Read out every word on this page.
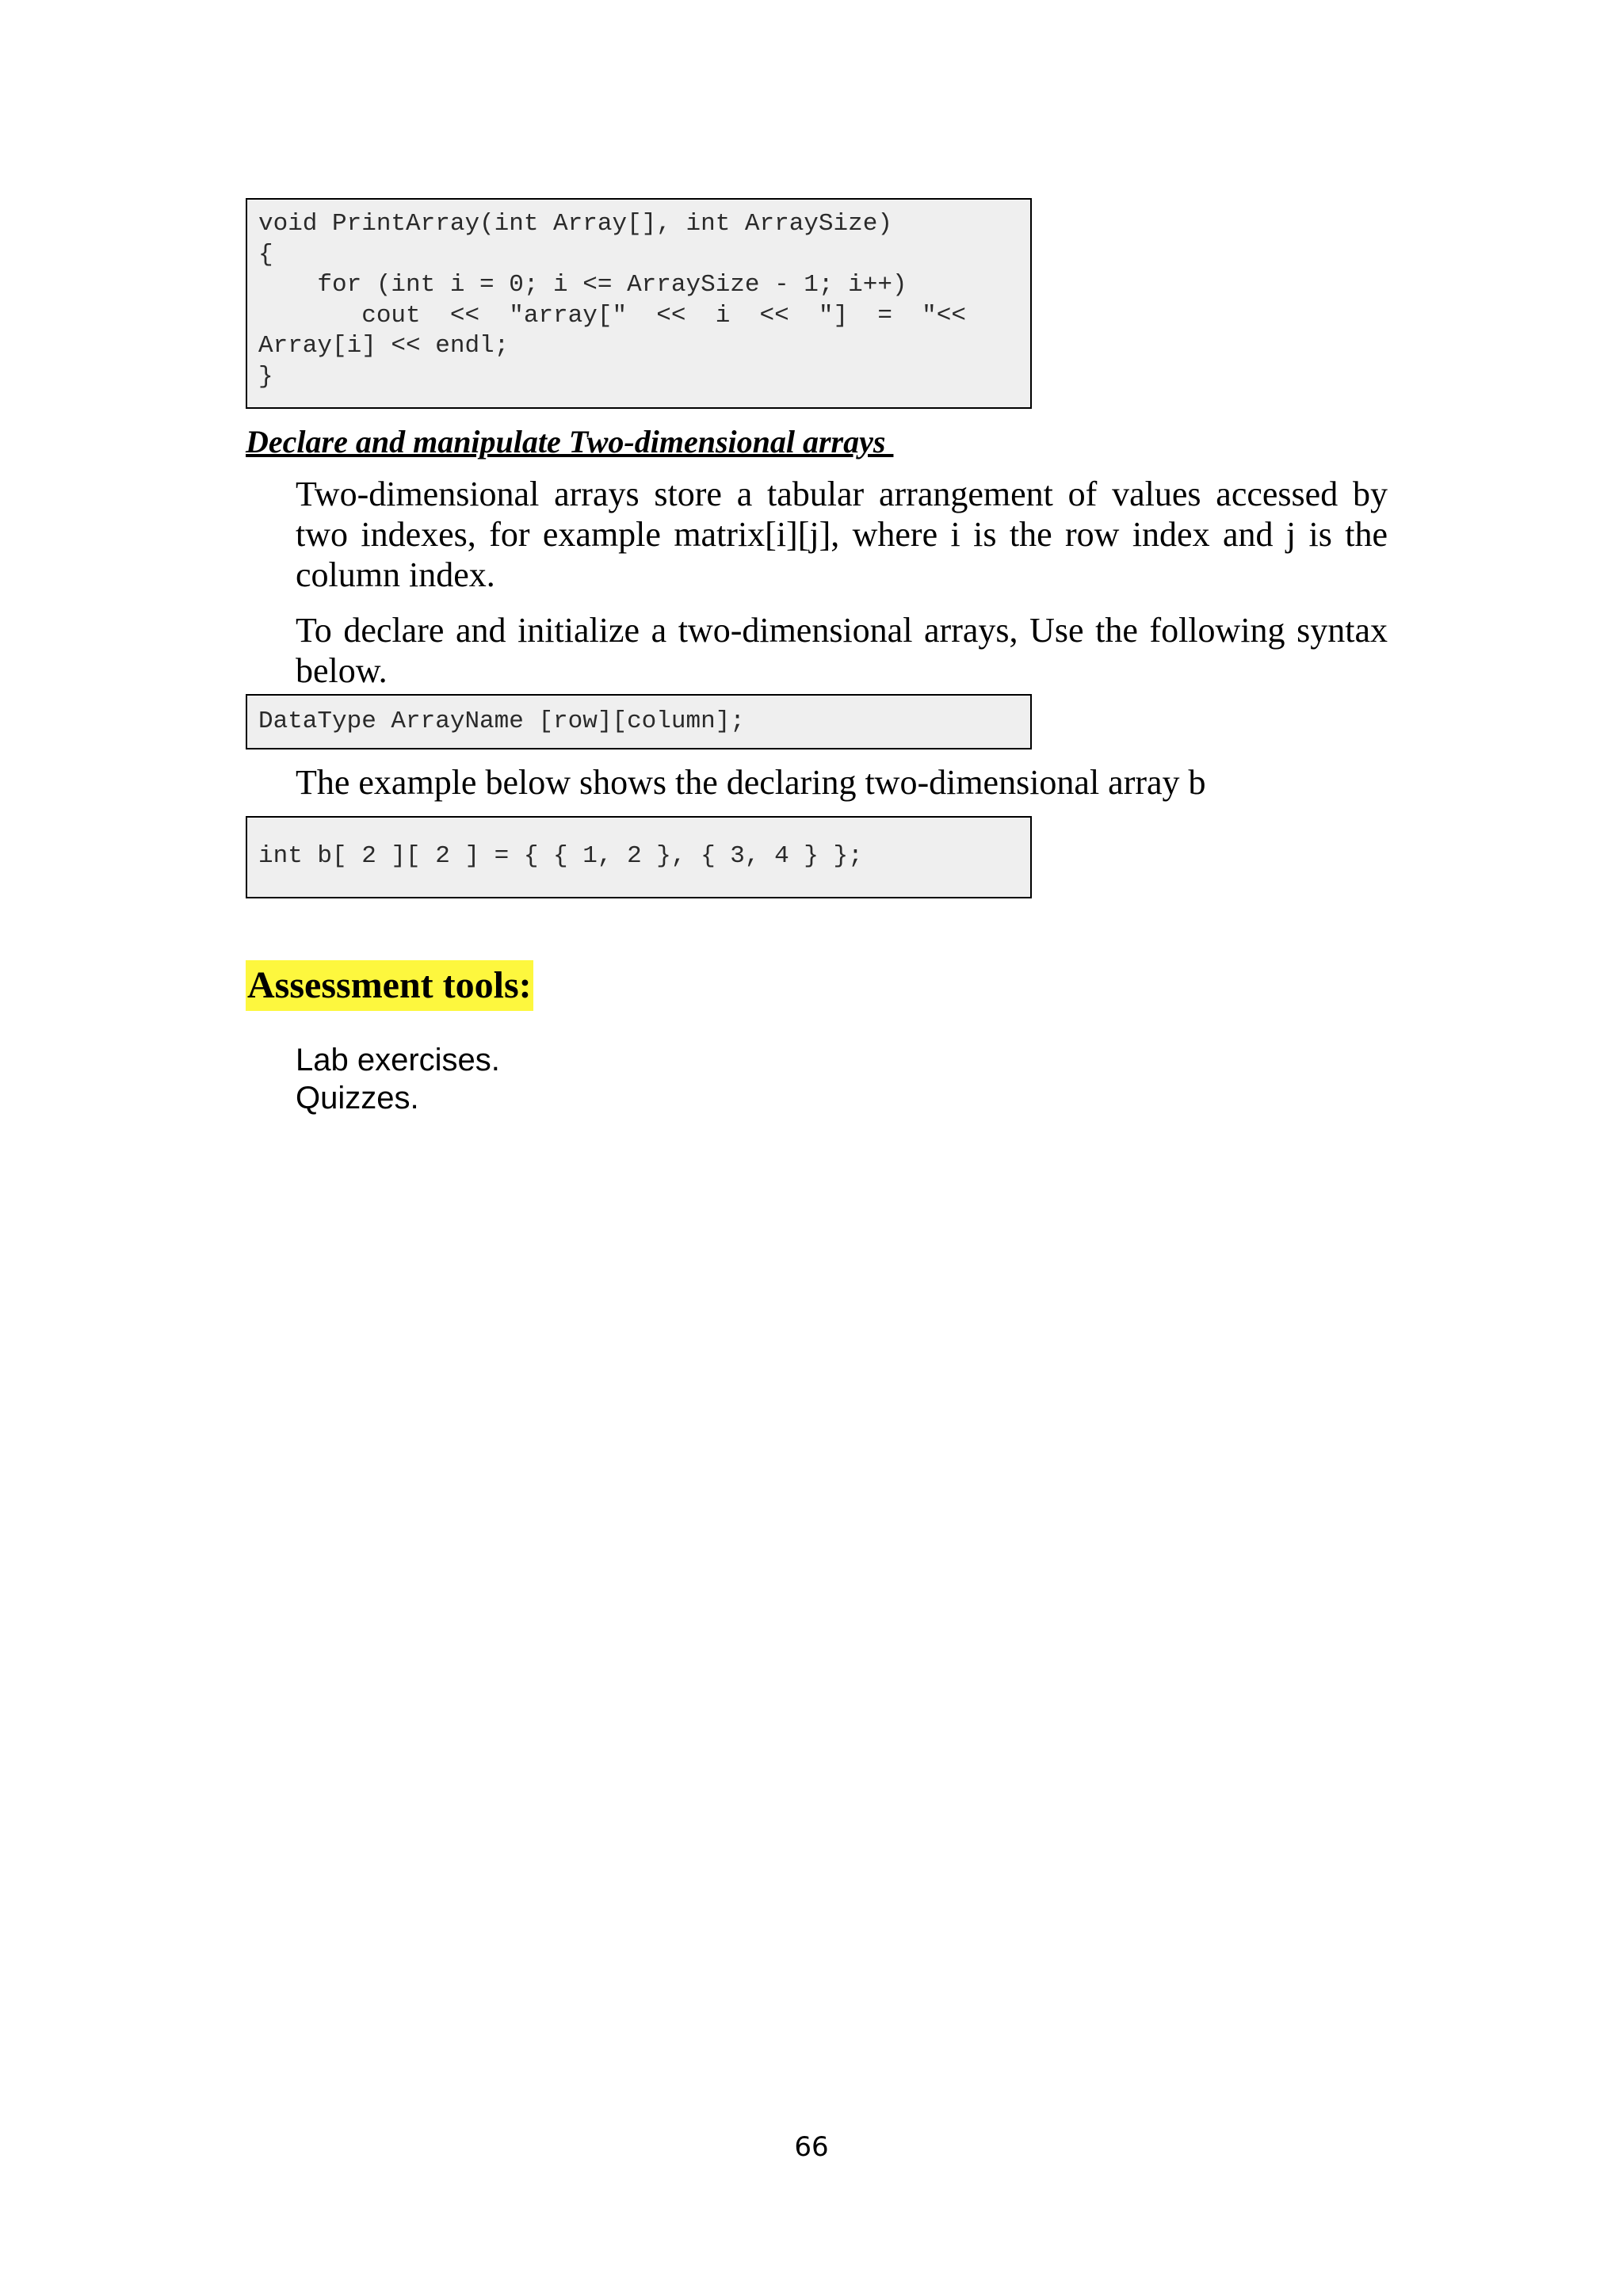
void PrintArray(int Array[], int ArraySize)
{
for (int i = 0; i <= ArraySize - 1; i++)
cout  <<  "array["  <<  i  <<  "]  =  "<<
Array[i] << endl;
}
Declare and manipulate Two-dimensional arrays

Two-dimensional arrays store a tabular arrangement of values accessed by two indexes, for example matrix[i][j], where i is the row index and j is the column index.

To declare and initialize a two-dimensional arrays, Use the following syntax below.

DataType ArrayName [row][column];

The example below shows the declaring two-dimensional array b

int b[ 2 ][ 2 ] = { { 1, 2 }, { 3, 4 } };
Assessment tools:
Lab exercises.
Quizzes.
66
